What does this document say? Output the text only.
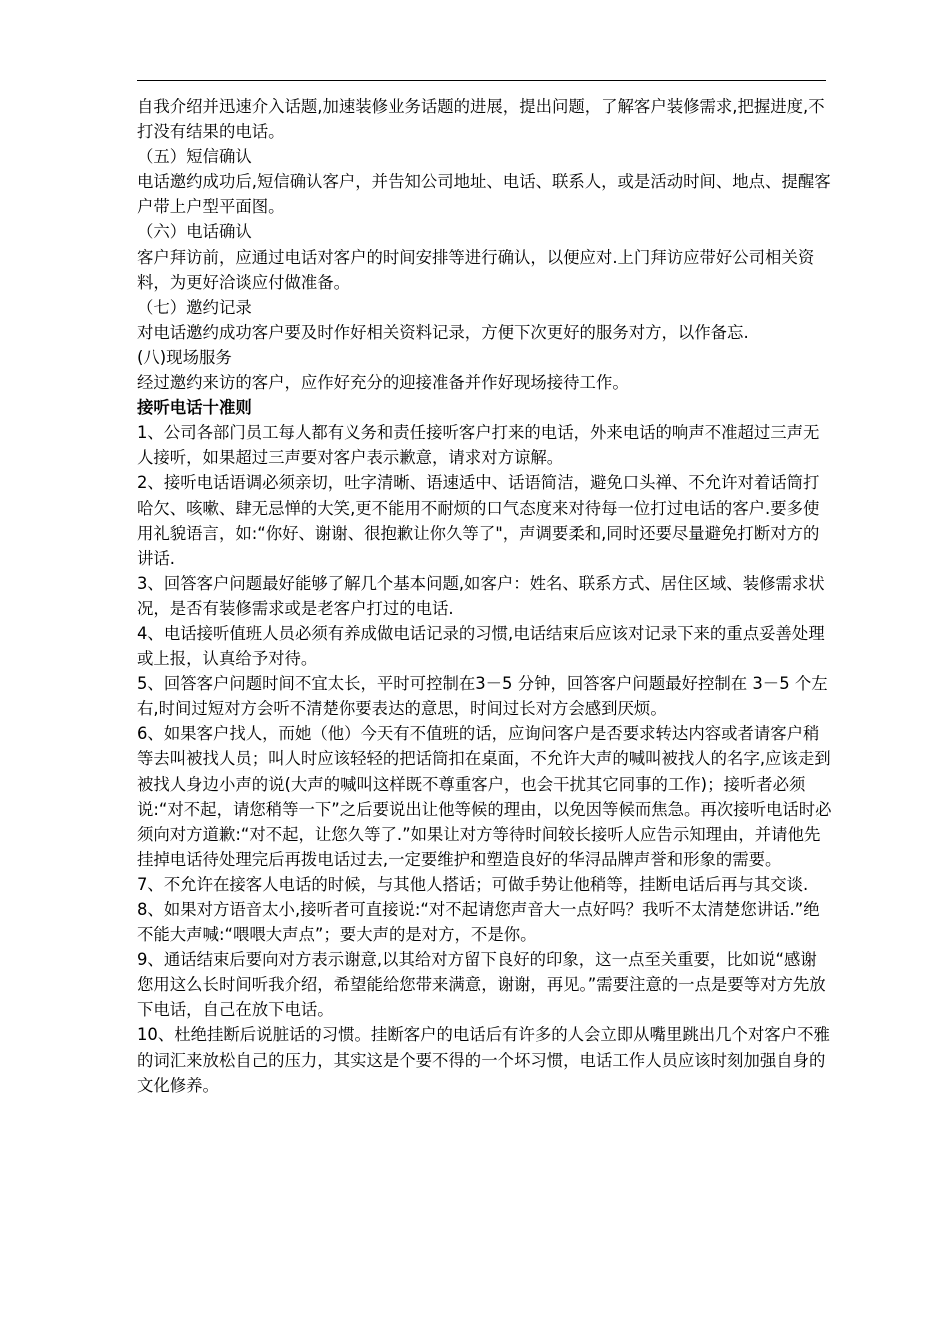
自我介绍并迅速介入话题,加速装修业务话题的进展，提出问题，了解客户装修需求,把握进度,不打没有结果的电话。

（五）短信确认

电话邀约成功后,短信确认客户，并告知公司地址、电话、联系人，或是活动时间、地点、提醒客户带上户型平面图。

（六）电话确认

客户拜访前，应通过电话对客户的时间安排等进行确认，以便应对.上门拜访应带好公司相关资料，为更好洽谈应付做准备。

（七）邀约记录

对电话邀约成功客户要及时作好相关资料记录，方便下次更好的服务对方，以作备忘.

(八)现场服务

经过邀约来访的客户，应作好充分的迎接准备并作好现场接待工作。

接听电话十准则

1、公司各部门员工每人都有义务和责任接听客户打来的电话，外来电话的响声不准超过三声无人接听，如果超过三声要对客户表示歉意，请求对方谅解。

2、接听电话语调必须亲切，吐字清晰、语速适中、话语简洁，避免口头禅、不允许对着话筒打哈欠、咳嗽、肆无忌惮的大笑,更不能用不耐烦的口气态度来对待每一位打过电话的客户.要多使用礼貌语言，如:“你好、谢谢、很抱歉让你久等了"，声调要柔和,同时还要尽量避免打断对方的讲话.

3、回答客户问题最好能够了解几个基本问题,如客户：姓名、联系方式、居住区域、装修需求状况，是否有装修需求或是老客户打过的电话.

4、电话接听值班人员必须有养成做电话记录的习惯,电话结束后应该对记录下来的重点妥善处理或上报，认真给予对待。

5、回答客户问题时间不宜太长，平时可控制在3－5 分钟，回答客户问题最好控制在 3－5 个左右,时间过短对方会听不清楚你要表达的意思，时间过长对方会感到厌烦。

6、如果客户找人，而她（他）今天有不值班的话，应询问客户是否要求转达内容或者请客户稍等去叫被找人员；叫人时应该轻轻的把话筒扣在桌面，不允许大声的喊叫被找人的名字,应该走到被找人身边小声的说(大声的喊叫这样既不尊重客户，也会干扰其它同事的工作)；接听者必须说:“对不起，请您稍等一下”之后要说出让他等候的理由，以免因等候而焦急。再次接听电话时必须向对方道歉:“对不起，让您久等了.”如果让对方等待时间较长接听人应告示知理由，并请他先挂掉电话待处理完后再拨电话过去,一定要维护和塑造良好的华浔品牌声誉和形象的需要。

7、不允许在接客人电话的时候，与其他人搭话；可做手势让他稍等，挂断电话后再与其交谈.

8、如果对方语音太小,接听者可直接说:“对不起请您声音大一点好吗？我听不太清楚您讲话.”绝不能大声喊:“喂喂大声点”；要大声的是对方，不是你。

9、通话结束后要向对方表示谢意,以其给对方留下良好的印象，这一点至关重要，比如说“感谢您用这么长时间听我介绍，希望能给您带来满意，谢谢，再见。”需要注意的一点是要等对方先放下电话，自己在放下电话。

10、杜绝挂断后说脏话的习惯。挂断客户的电话后有许多的人会立即从嘴里跳出几个对客户不雅的词汇来放松自己的压力，其实这是个要不得的一个坏习惯，电话工作人员应该时刻加强自身的文化修养。
